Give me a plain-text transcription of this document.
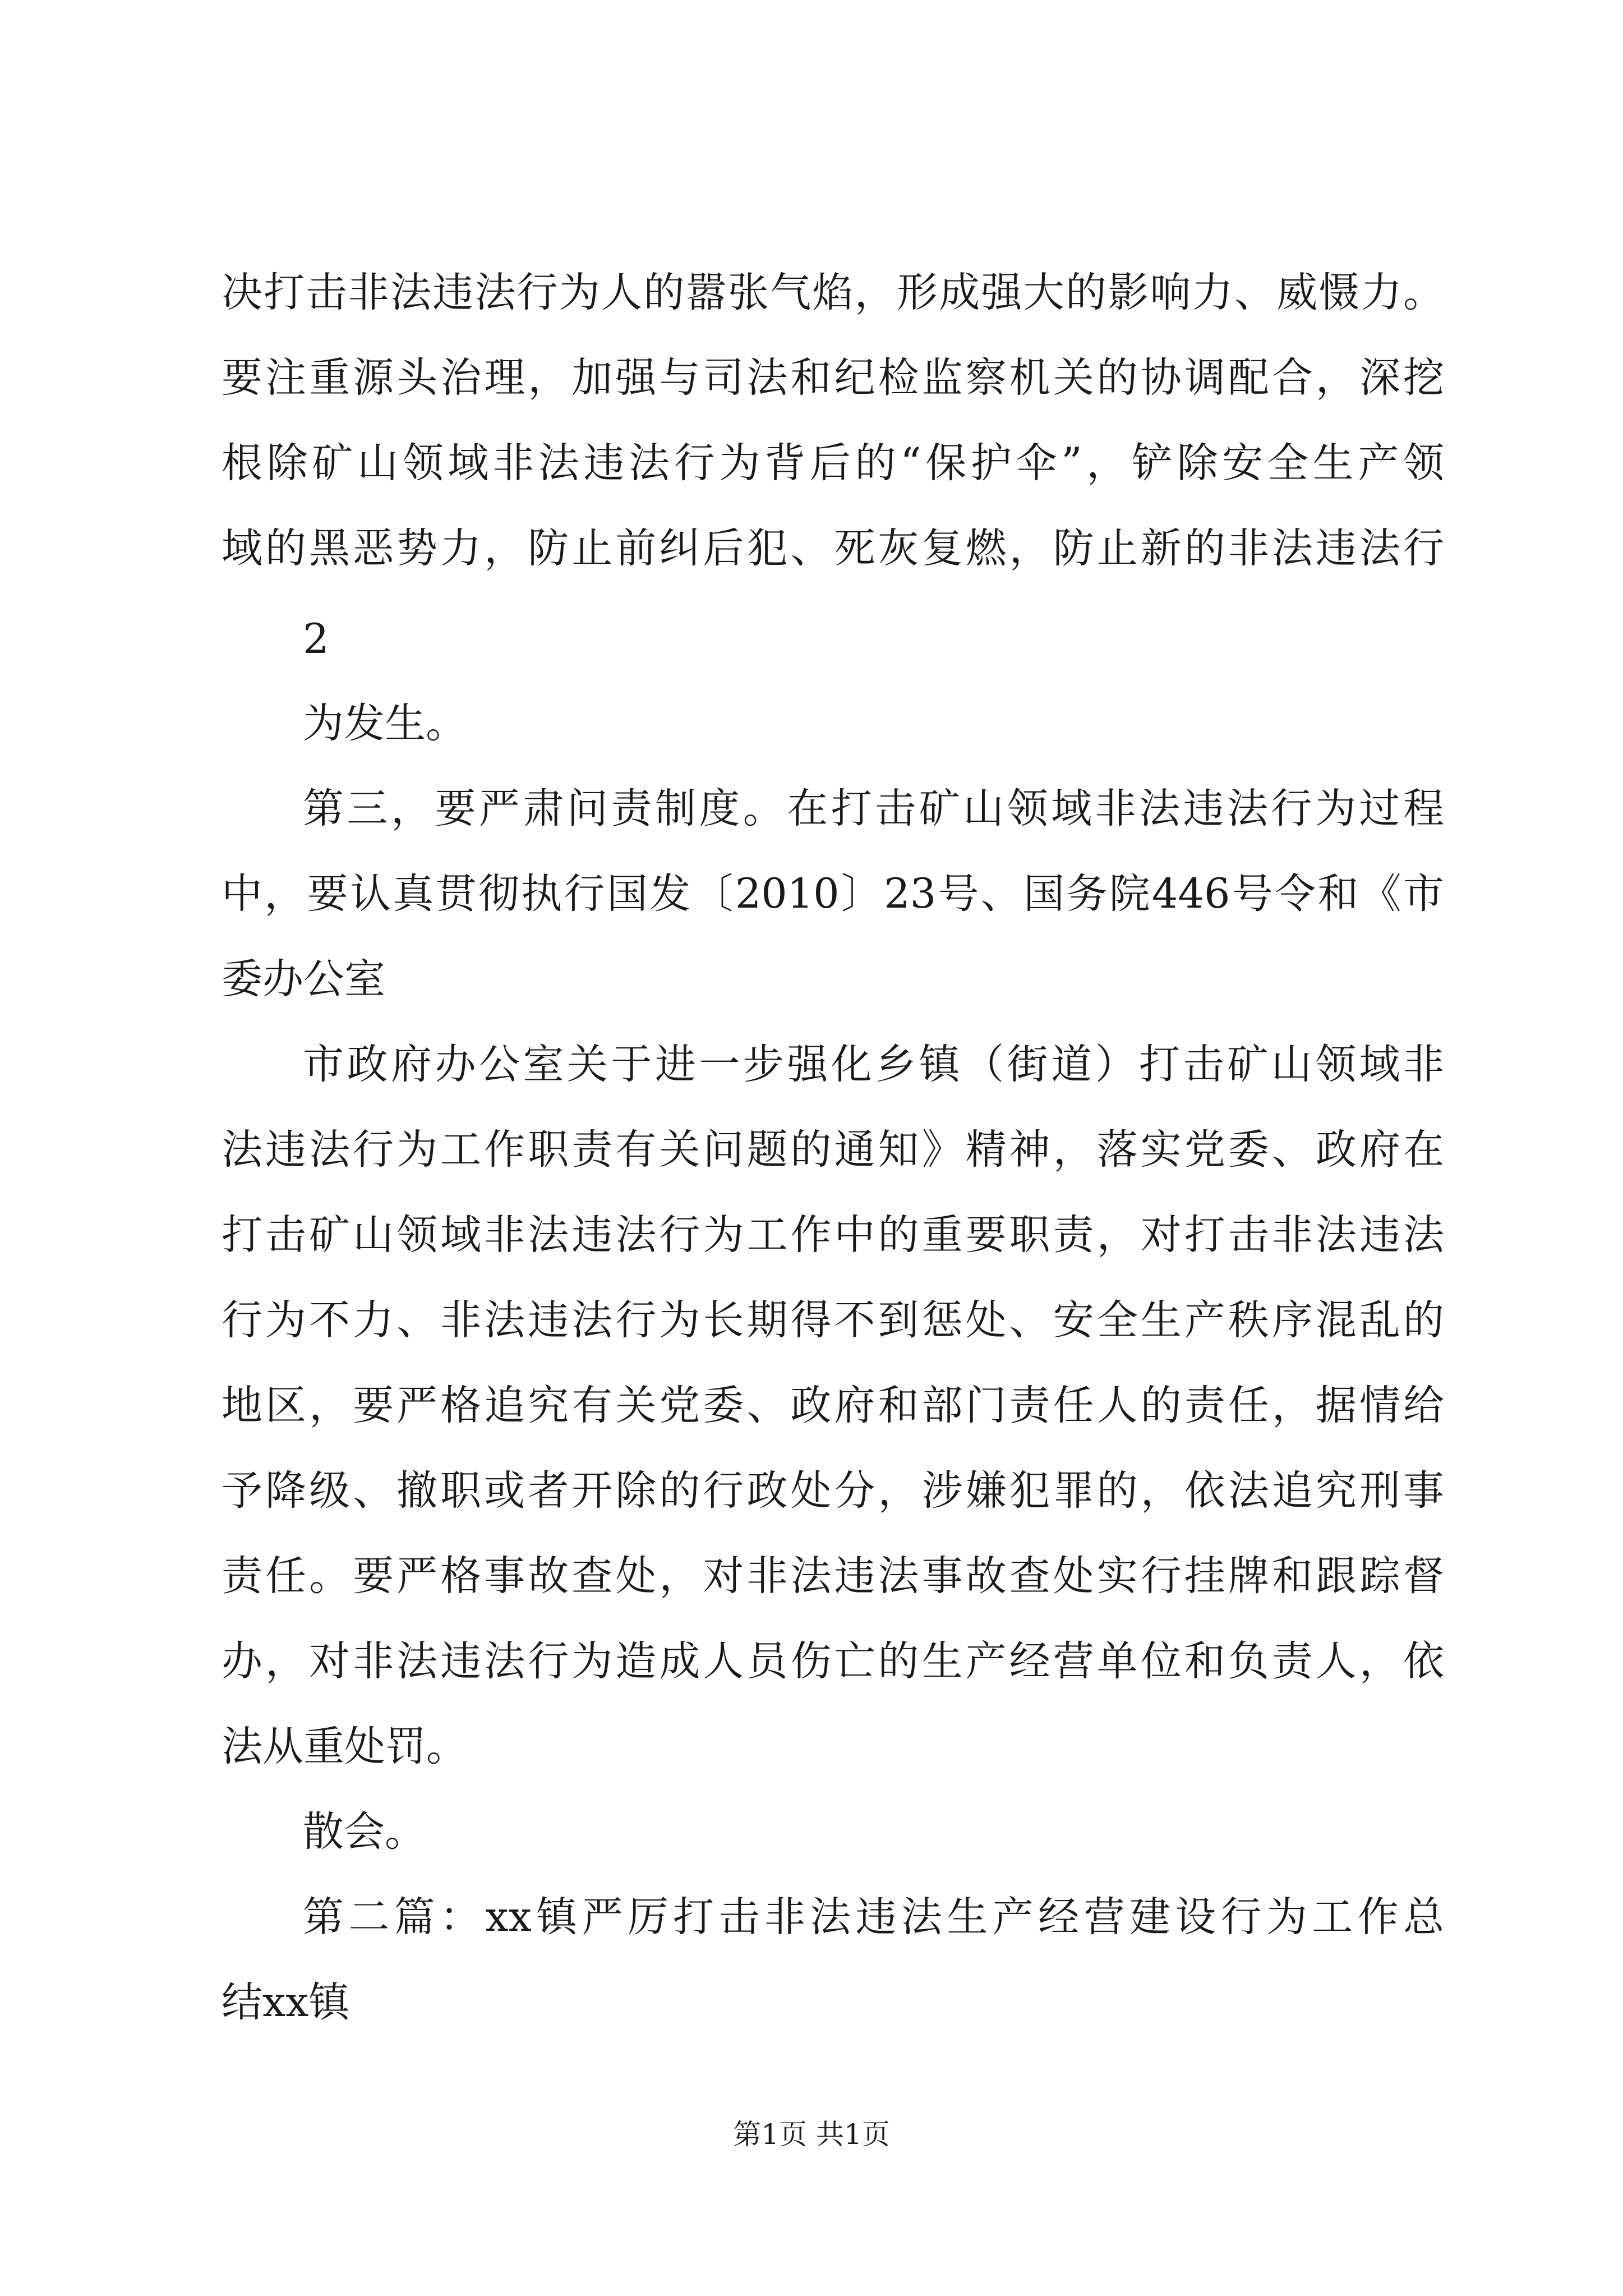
决打击非法违法行为人的嚣张气焰，形成强大的影响力、威慑力。
要注重源头治理，加强与司法和纪检监察机关的协调配合，深挖
根除矿山领域非法违法行为背后的“保护伞”，铲除安全生产领
域的黑恶势力，防止前纠后犯、死灰复燃，防止新的非法违法行
2
为发生。
第三，要严肃问责制度。在打击矿山领域非法违法行为过程
中，要认真贯彻执行国发〔2010〕23号、国务院446号令和《市
委办公室
市政府办公室关于进一步强化乡镇（街道）打击矿山领域非
法违法行为工作职责有关问题的通知》精神，落实党委、政府在
打击矿山领域非法违法行为工作中的重要职责，对打击非法违法
行为不力、非法违法行为长期得不到惩处、安全生产秩序混乱的
地区，要严格追究有关党委、政府和部门责任人的责任，据情给
予降级、撤职或者开除的行政处分，涉嫌犯罪的，依法追究刑事
责任。要严格事故查处，对非法违法事故查处实行挂牌和跟踪督
办，对非法违法行为造成人员伤亡的生产经营单位和负责人，依
法从重处罚。
散会。
第二篇：xx镇严厉打击非法违法生产经营建设行为工作总
结xx镇
第1页 共1页
